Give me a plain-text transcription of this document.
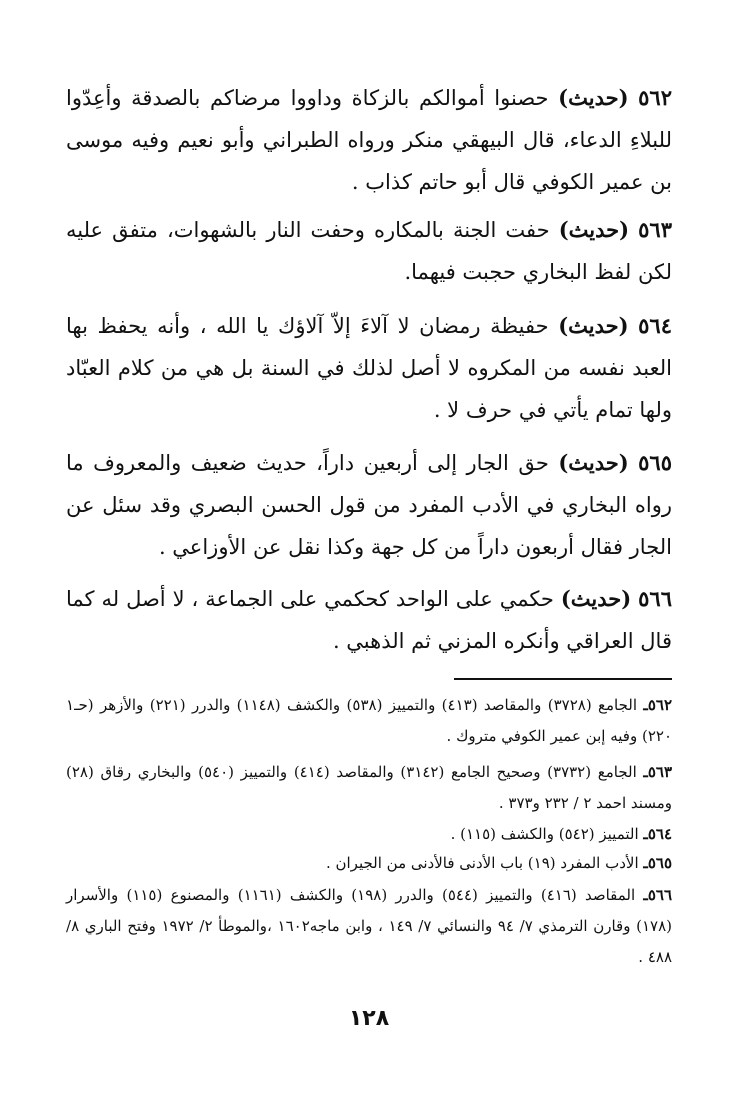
٥٦٢ (حديث) حصنوا أموالكم بالزكاة وداووا مرضاكم بالصدقة وأعِدّوا للبلاءِ الدعاء، قال البيهقي منكر ورواه الطبراني وأبو نعيم وفيه موسى بن عمير الكوفي قال أبو حاتم كذاب .

٥٦٣ (حديث) حفت الجنة بالمكاره وحفت النار بالشهوات، متفق عليه لكن لفظ البخاري حجبت فيهما.

٥٦٤ (حديث) حفيظة رمضان لا آلاءَ إلاّ آلاؤك يا الله ، وأنه يحفظ بها العبد نفسه من المكروه لا أصل لذلك في السنة بل هي من كلام العبّاد ولها تمام يأتي في حرف لا .

٥٦٥ (حديث) حق الجار إلى أربعين داراً، حديث ضعيف والمعروف ما رواه البخاري في الأدب المفرد من قول الحسن البصري وقد سئل عن الجار فقال أربعون داراً من كل جهة وكذا نقل عن الأوزاعي .

٥٦٦ (حديث) حكمي على الواحد كحكمي على الجماعة ، لا أصل له كما قال العراقي وأنكره المزني ثم الذهبي .

٥٦٢ـ الجامع (٣٧٢٨) والمقاصد (٤١٣) والتمييز (٥٣٨) والكشف (١١٤٨) والدرر (٢٢١) والأزهر (حـ١ ٢٢٠) وفيه إبن عمير الكوفي متروك .

٥٦٣ـ الجامع (٣٧٣٢) وصحيح الجامع (٣١٤٢) والمقاصد (٤١٤) والتمييز (٥٤٠) والبخاري رقاق (٢٨) ومسند احمد ٢ / ٢٣٢ و٣٧٣ .

٥٦٤ـ التمييز (٥٤٢) والكشف (١١٥) .

٥٦٥ـ الأدب المفرد (١٩) باب الأدنى فالأدنى من الجيران .

٥٦٦ـ المقاصد (٤١٦) والتمييز (٥٤٤) والدرر (١٩٨) والكشف (١١٦١) والمصنوع (١١٥) والأسرار (١٧٨) وقارن الترمذي ٧/ ٩٤ والنسائي ٧/ ١٤٩ ، وابن ماجه١٦٠٢ ،والموطأ ٢/ ١٩٧٢ وفتح الباري ٨/ ٤٨٨ .

١٢٨
